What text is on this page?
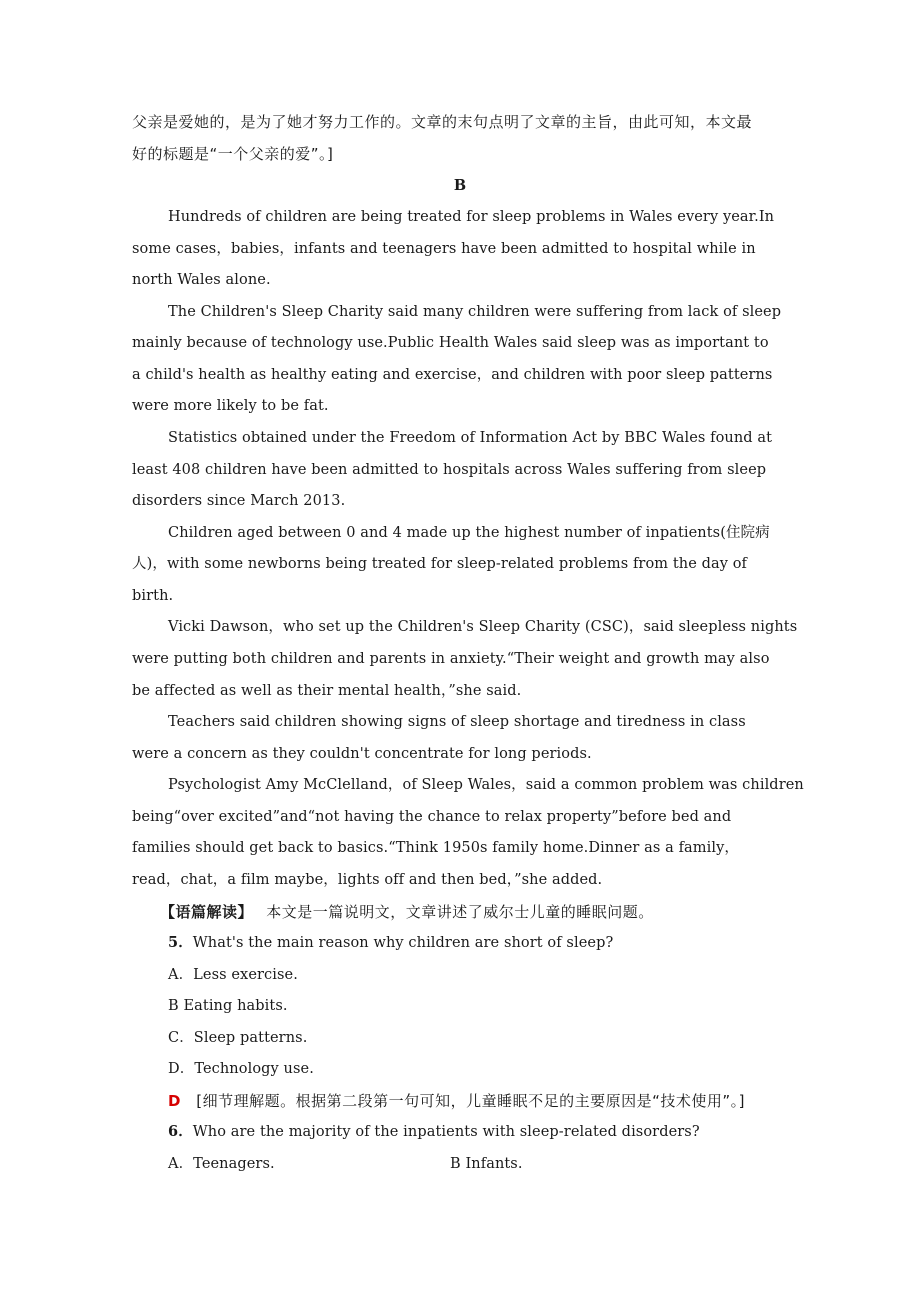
父亲是爱她的，是为了她才努力工作的。文章的末句点明了文章的主旨，由此可知，本文最
好的标题是“一个父亲的爱”。]
B
Hundreds of children are being treated for sleep problems in Wales every year.In
some cases，babies，infants and teenagers have been admitted to hospital while in
north Wales alone.
The Children's Sleep Charity said many children were suffering from lack of sleep
mainly because of technology use.Public Health Wales said sleep was as important to
a child's health as healthy eating and exercise，and children with poor sleep patterns
were more likely to be fat.
Statistics obtained under the Freedom of Information Act by BBC Wales found at
least 408 children have been admitted to hospitals across Wales suffering from sleep
disorders since March 2013.
Children aged between 0 and 4 made up the highest number of inpatients(住院病
人)，with some newborns being treated for sleep-related problems from the day of
birth.
Vicki Dawson，who set up the Children's Sleep Charity (CSC)，said sleepless nights
were putting both children and parents in anxiety.“Their weight and growth may also
be affected as well as their mental health，”she said.
Teachers said children showing signs of sleep shortage and tiredness in class
were a concern as they couldn't concentrate for long periods.
Psychologist Amy McClelland，of Sleep Wales，said a common problem was children
being“over excited”and“not having the chance to relax property”before bed and
families should get back to basics.“Think 1950s family home.Dinner as a family，
read，chat，a film maybe，lights off and then bed，”she added.
【语篇解读】 本文是一篇说明文，文章讲述了威尔士儿童的睡眠问题。
5．What's the main reason why children are short of sleep?
A．Less exercise.
B Eating habits.
C．Sleep patterns.
D．Technology use.
D [细节理解题。根据第二段第一句可知，儿童睡眠不足的主要原因是“技术使用”。]
6．Who are the majority of the inpatients with sleep-related disorders?
A．Teenagers.	B Infants.
